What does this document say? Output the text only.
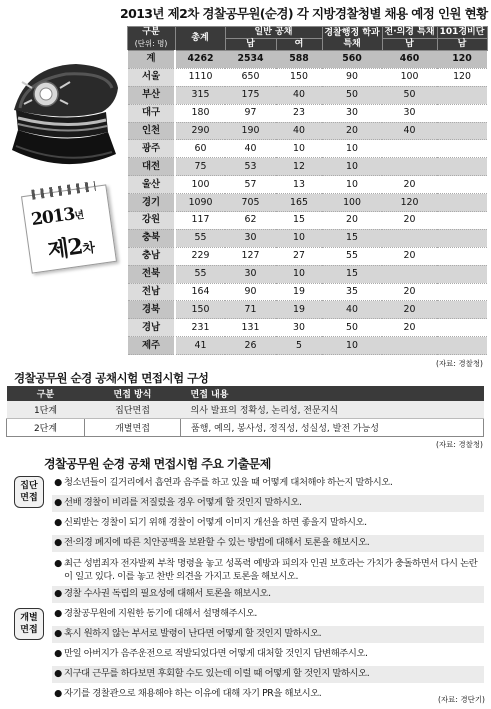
2013년 제2차 경찰공무원(순경) 각 지방경찰청별 채용 예정 인원 현황
2013년
제2차
구분
(단위: 명)	총계	일반 공채		경찰행정 학과 특채	전·의경 특채	101경비단
		남	여		남	남
계	4262	2534	588	560	460	120
서울	1110	650	150	90	100	120
부산	315	175	40	50	50	
대구	180	97	23	30	30	
인천	290	190	40	20	40	
광주	60	40	10	10		
대전	75	53	12	10		
울산	100	57	13	10	20	
경기	1090	705	165	100	120	
강원	117	62	15	20	20	
충북	55	30	10	15		
충남	229	127	27	55	20	
전북	55	30	10	15		
전남	164	90	19	35	20	
경북	150	71	19	40	20	
경남	231	131	30	50	20	
제주	41	26	5	10		
(자료: 경찰청)
경찰공무원 순경 공채시험 면접시험 구성
구분	면접 방식	면접 내용
1단계	집단면접	의사 발표의 정확성, 논리성, 전문지식
2단계	개별면접	품행, 예의, 봉사성, 정직성, 성실성, 발전 가능성
(자료: 경찰청)
경찰공무원 순경 공채 면접시험 주요 기출문제
집단 면접
개별 면접
● 청소년들이 길거리에서 흡연과 음주를 하고 있을 때 어떻게 대처해야 하는지 말하시오.
● 선배 경찰이 비리를 저질렀을 경우 어떻게 할 것인지 말하시오.
● 신뢰받는 경찰이 되기 위해 경찰이 어떻게 이미지 개선을 하면 좋을지 말하시오.
● 전·의경 폐지에 따른 치안공백을 보완할 수 있는 방법에 대해서 토론을 해보시오.
● 최근 성범죄자 전자발찌 부착 명령을 놓고 성폭력 예방과 피의자 인권 보호라는 가치가 충돌하면서 다시 논란이 일고 있다. 이를 놓고 찬반 의견을 가지고 토론을 해보시오.
● 경찰 수사권 독립의 필요성에 대해서 토론을 해보시오.
● 경찰공무원에 지원한 동기에 대해서 설명해주시오.
● 혹시 원하지 않는 부서로 발령이 난다면 어떻게 할 것인지 말하시오.
● 만일 아버지가 음주운전으로 적발되었다면 어떻게 대처할 것인지 답변해주시오.
● 지구대 근무를 하다보면 후회할 수도 있는데 이럴 때 어떻게 할 것인지 말하시오.
● 자기를 경찰관으로 채용해야 하는 이유에 대해 자기 PR을 해보시오.
(자료: 경단기)
